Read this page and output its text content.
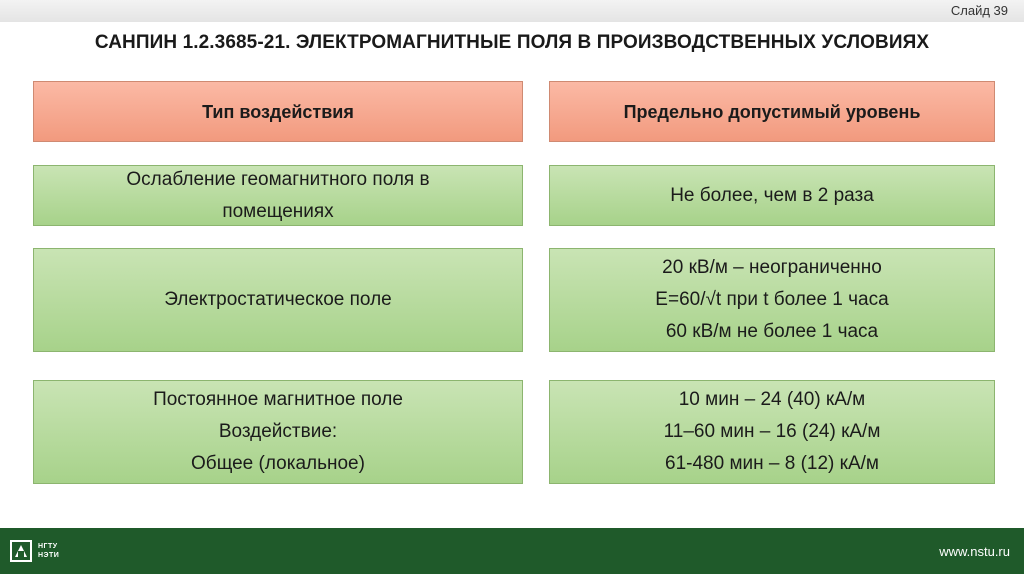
Слайд 39
САНПИН 1.2.3685-21. ЭЛЕКТРОМАГНИТНЫЕ ПОЛЯ В ПРОИЗВОДСТВЕННЫХ УСЛОВИЯХ
Тип воздействия	Предельно допустимый уровень
Ослабление геомагнитного поля в
помещениях
Не более, чем в 2 раза
Электростатическое поле
20 кВ/м – неограниченно
E=60/√t при t более 1 часа
60 кВ/м не более 1 часа
Постоянное магнитное поле
Воздействие:
Общее (локальное)
10 мин – 24 (40) кА/м
11–60 мин – 16 (24) кА/м
61-480 мин – 8 (12) кА/м
НГТУ
НЭТИ	www.nstu.ru
